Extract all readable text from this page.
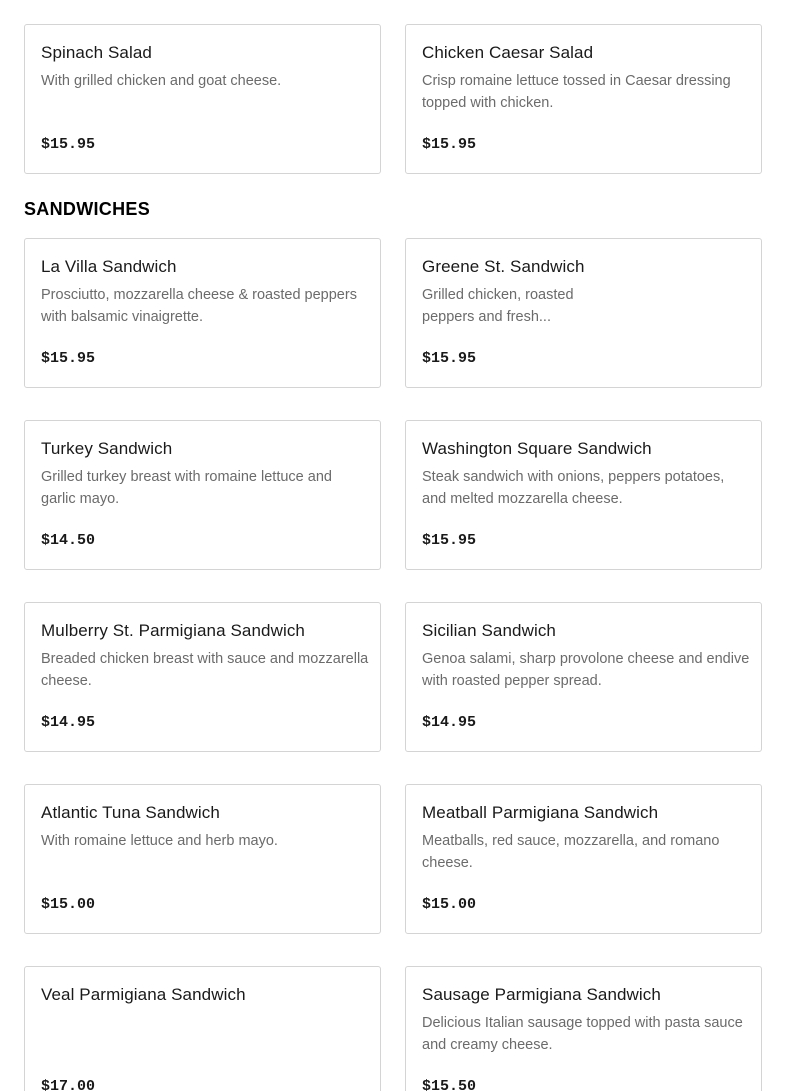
Spinach Salad
With grilled chicken and goat cheese.
$15.95
Chicken Caesar Salad
Crisp romaine lettuce tossed in Caesar dressing topped with chicken.
$15.95
SANDWICHES
La Villa Sandwich
Prosciutto, mozzarella cheese & roasted peppers with balsamic vinaigrette.
$15.95
Greene St. Sandwich
Grilled chicken, roasted peppers and fresh...
$15.95
Turkey Sandwich
Grilled turkey breast with romaine lettuce and garlic mayo.
$14.50
Washington Square Sandwich
Steak sandwich with onions, peppers potatoes, and melted mozzarella cheese.
$15.95
Mulberry St. Parmigiana Sandwich
Breaded chicken breast with sauce and mozzarella cheese.
$14.95
Sicilian Sandwich
Genoa salami, sharp provolone cheese and endive with roasted pepper spread.
$14.95
Atlantic Tuna Sandwich
With romaine lettuce and herb mayo.
$15.00
Meatball Parmigiana Sandwich
Meatballs, red sauce, mozzarella, and romano cheese.
$15.00
Veal Parmigiana Sandwich
$17.00
Sausage Parmigiana Sandwich
Delicious Italian sausage topped with pasta sauce and creamy cheese.
$15.50
